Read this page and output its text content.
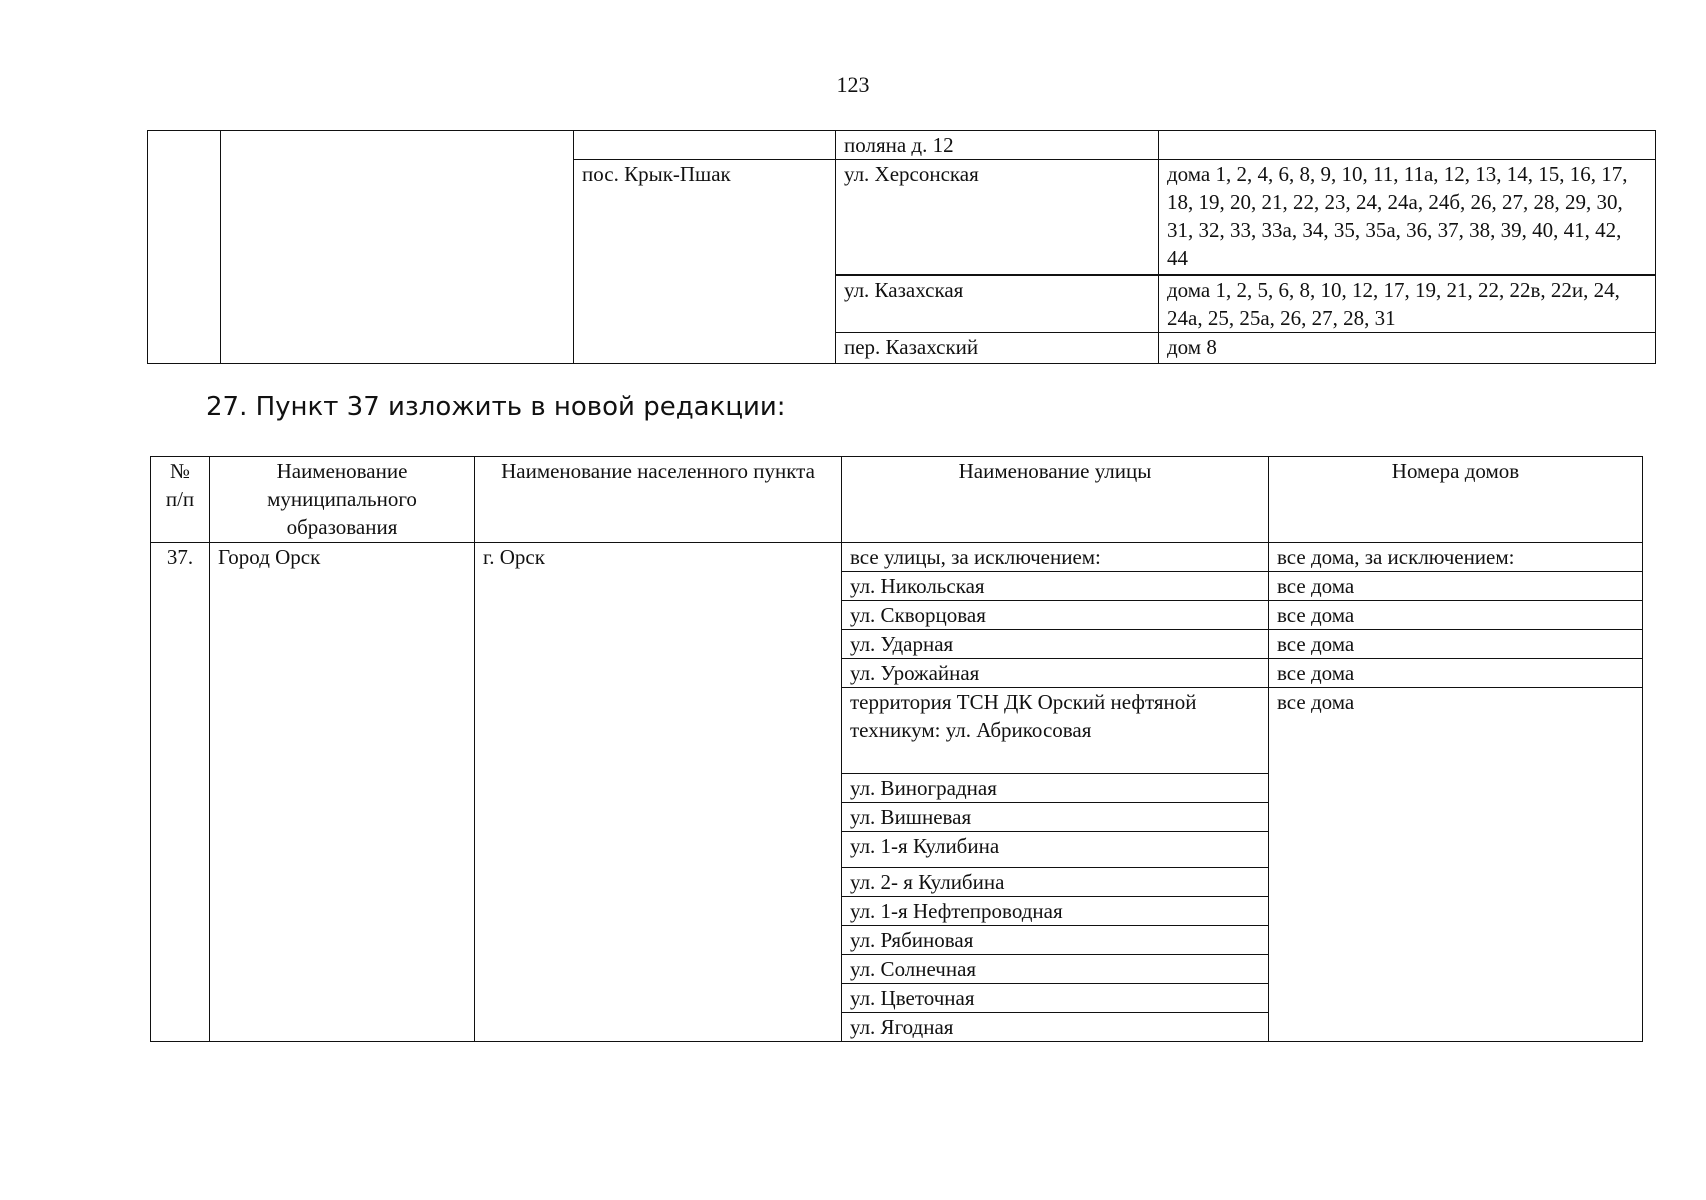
123
			поляна д. 12	
		пос. Крык-Пшак	ул. Херсонская	дома 1, 2, 4, 6, 8, 9, 10, 11, 11а, 12, 13, 14, 15, 16, 17, 18, 19, 20, 21, 22, 23, 24, 24а, 24б, 26, 27, 28, 29, 30, 31, 32, 33, 33а, 34, 35, 35а, 36, 37, 38, 39, 40, 41, 42, 44
			ул. Казахская	дома 1, 2, 5, 6, 8, 10, 12, 17, 19, 21, 22, 22в, 22и, 24, 24а, 25, 25а, 26, 27, 28, 31
			пер. Казахский	дом 8
27. Пункт 37 изложить в новой редакции:
№ п/п	Наименование муниципального образования	Наименование населенного пункта	Наименование улицы	Номера домов
37.	Город Орск	г. Орск	все улицы, за исключением:	все дома, за исключением:
			ул. Никольская	все дома
			ул. Скворцовая	все дома
			ул. Ударная	все дома
			ул. Урожайная	все дома
			территория ТСН ДК Орский нефтяной техникум: ул. Абрикосовая	все дома
			ул. Виноградная	
			ул. Вишневая	
			ул. 1-я Кулибина	
			ул. 2- я Кулибина	
			ул. 1-я Нефтепроводная	
			ул. Рябиновая	
			ул. Солнечная	
			ул. Цветочная	
			ул. Ягодная	
